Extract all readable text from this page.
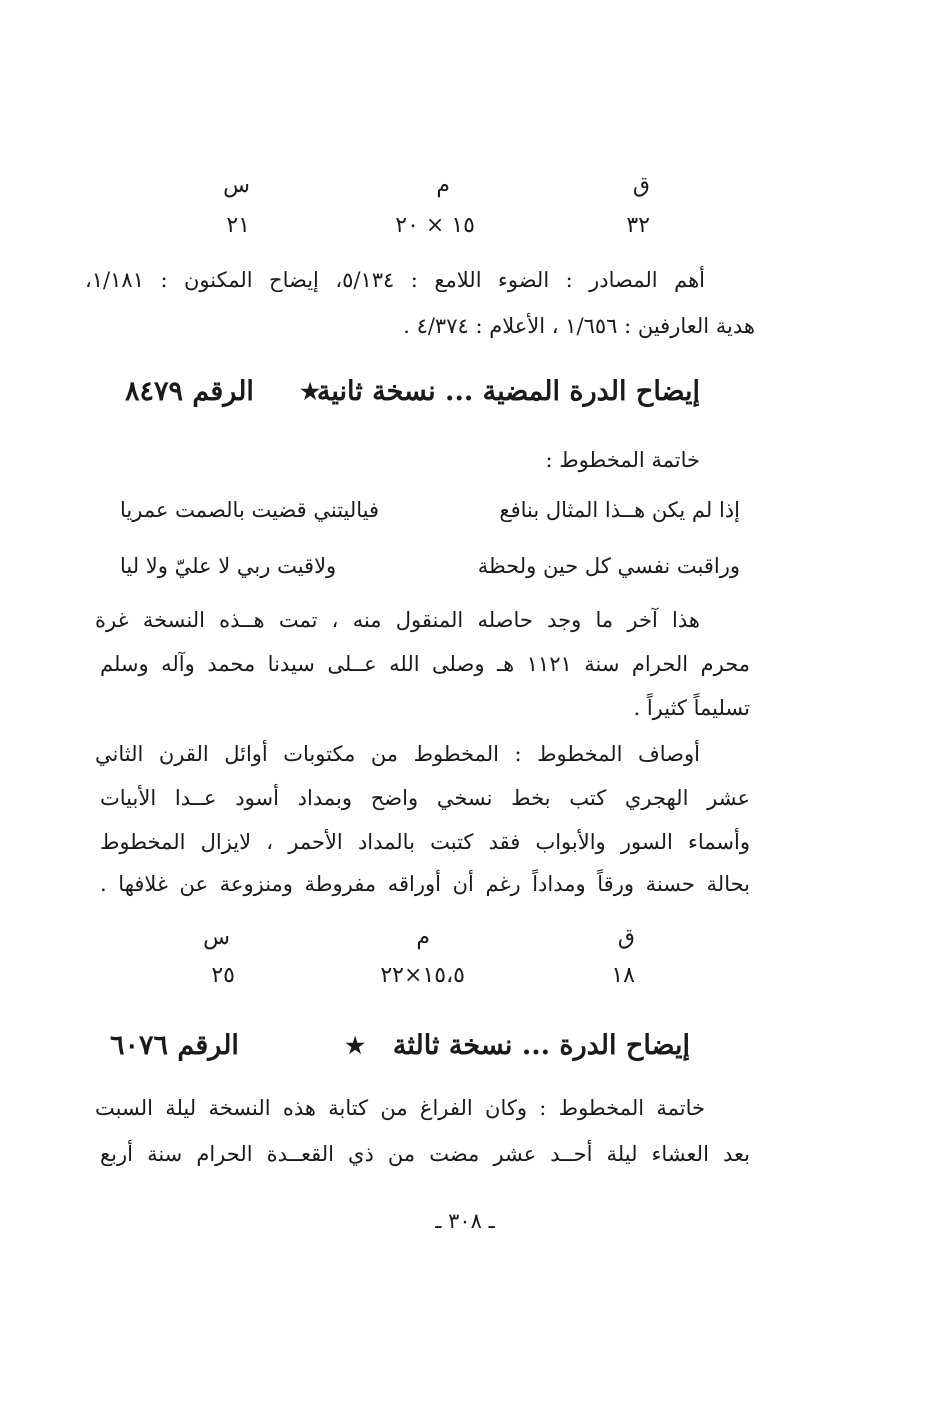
ق
م
س
٣٢
١٥ × ٢٠
٢١
أهم المصادر : الضوء اللامع : ٥/١٣٤، إيضاح المكنون : ١/١٨١،
هدية العارفين : ١/٦٥٦ ، الأعلام : ٤/٣٧٤ .
إيضاح الدرة المضية ... نسخة ثانية
★
الرقم ٨٤٧٩
خاتمة المخطوط :
إذا لم يكن هــذا المثال بنافع
فياليتني قضيت بالصمت عمريا
وراقبت نفسي كل حين ولحظة
ولاقيت ربي لا عليّ ولا ليا
هذا آخر ما وجد حاصله المنقول منه ، تمت هــذه النسخة غرة
محرم الحرام سنة ١١٢١ هـ وصلى الله عــلى سيدنا محمد وآله وسلم
تسليماً كثيراً .
أوصاف المخطوط : المخطوط من مكتوبات أوائل القرن الثاني
عشر الهجري كتب بخط نسخي واضح وبمداد أسود عــدا الأبيات
وأسماء السور والأبواب فقد كتبت بالمداد الأحمر ، لايزال المخطوط
بحالة حسنة ورقاً ومداداً رغم أن أوراقه مفروطة ومنزوعة عن غلافها .
ق
م
س
١٨
١٥،٥×٢٢
٢٥
إيضاح الدرة ... نسخة ثالثة
★
الرقم ٦٠٧٦
خاتمة المخطوط : وكان الفراغ من كتابة هذه النسخة ليلة السبت
بعد العشاء ليلة أحــد عشر مضت من ذي القعــدة الحرام سنة أربع
ـ ٣٠٨ ـ
